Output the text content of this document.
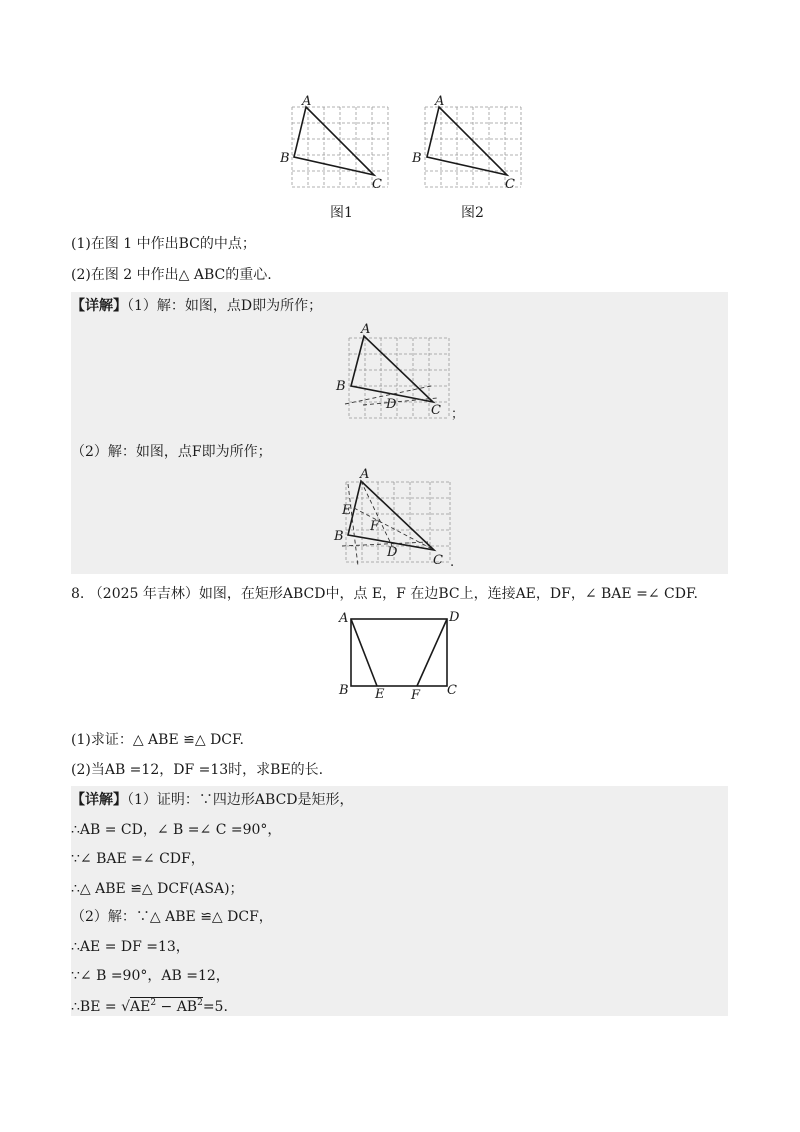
A
B
C
图1
A
B
C
图2
(1)在图 1 中作出BC的中点；
(2)在图 2 中作出△ ABC的重心.
【详解】（1）解：如图，点D即为所作；
A
B
D	C ；
（2）解：如图，点F即为所作；
A
E
F
B
D
C .
8. （2025 年吉林）如图，在矩形ABCD中，点 E，F 在边BC上，连接AE，DF，∠ BAE =∠ CDF.
A	D
B E F C
(1)求证：△ ABE ≌△ DCF.
(2)当AB =12，DF =13时，求BE的长.
【详解】（1）证明：∵四边形ABCD是矩形，
∴AB = CD，∠ B =∠ C =90°，
∵∠ BAE =∠ CDF，
∴△ ABE ≌△ DCF(ASA)；
（2）解：∵△ ABE ≌△ DCF，
∴AE = DF =13，
∵∠ B =90°，AB =12，
∴BE = $√AE^2 - AB^2=5$.
